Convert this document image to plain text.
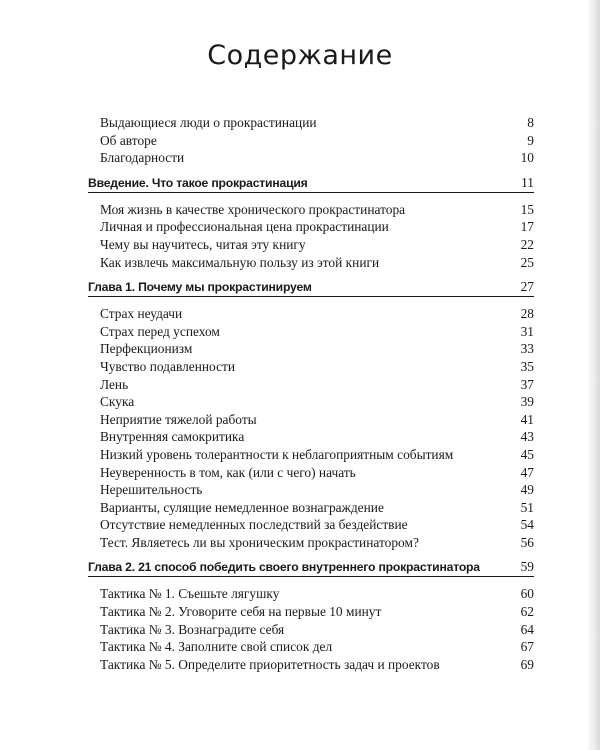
Содержание
Выдающиеся люди о прокрастинации	8
Об авторе	9
Благодарности	10
Введение. Что такое прокрастинация	11
Моя жизнь в качестве хронического прокрастинатора	15
Личная и профессиональная цена прокрастинации	17
Чему вы научитесь, читая эту книгу	22
Как извлечь максимальную пользу из этой книги	25
Глава 1. Почему мы прокрастинируем	27
Страх неудачи	28
Страх перед успехом	31
Перфекционизм	33
Чувство подавленности	35
Лень	37
Скука	39
Неприятие тяжелой работы	41
Внутренняя самокритика	43
Низкий уровень толерантности к неблагоприятным событиям	45
Неуверенность в том, как (или с чего) начать	47
Нерешительность	49
Варианты, сулящие немедленное вознаграждение	51
Отсутствие немедленных последствий за бездействие	54
Тест. Являетесь ли вы хроническим прокрастинатором?	56
Глава 2. 21 способ победить своего внутреннего прокрастинатора	59
Тактика № 1. Съешьте лягушку	60
Тактика № 2. Уговорите себя на первые 10 минут	62
Тактика № 3. Вознаградите себя	64
Тактика № 4. Заполните свой список дел	67
Тактика № 5. Определите приоритетность задач и проектов	69
